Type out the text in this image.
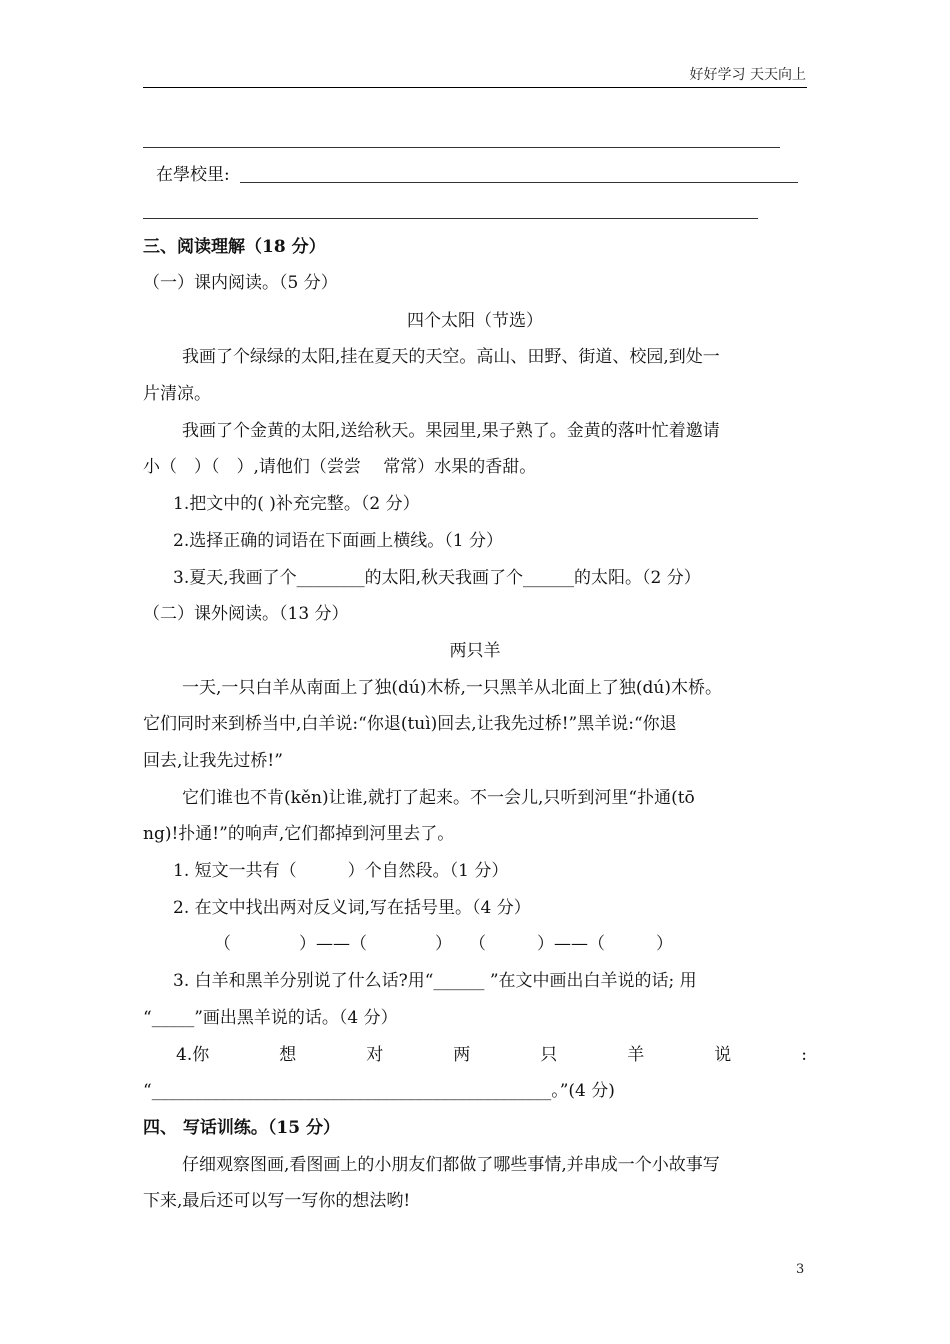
好好学习 天天向上
在學校里:
三、阅读理解（18 分）
（一）课内阅读。（5 分）
四个太阳（节选）
我画了个绿绿的太阳,挂在夏天的天空。高山、田野、街道、校园,到处一
片清凉。
我画了个金黄的太阳,送给秋天。果园里,果子熟了。金黄的落叶忙着邀请
小（　）（　）,请他们（尝尝　 常常）水果的香甜。
1.把文中的( )补充完整。（2 分）
2.选择正确的词语在下面画上横线。（1 分）
3.夏天,我画了个________的太阳,秋天我画了个______的太阳。（2 分）
（二）课外阅读。（13 分）
两只羊
一天,一只白羊从南面上了独(dú)木桥,一只黑羊从北面上了独(dú)木桥。
它们同时来到桥当中,白羊说:“你退(tuì)回去,让我先过桥!”黑羊说:“你退
回去,让我先过桥!”
它们谁也不肯(kěn)让谁,就打了起来。不一会儿,只听到河里“扑通(tō
ng)!扑通!”的响声,它们都掉到河里去了。
1. 短文一共有（　　　）个自然段。（1 分）
2. 在文中找出两对反义词,写在括号里。（4 分）
（　　　　）——（　　　　）　　（　　　）——（　　　）
3. 白羊和黑羊分别说了什么话?用“______ ”在文中画出白羊说的话; 用
“_____”画出黑羊说的话。（4 分）
4.你	想	对	两	只	羊	说	:
“_______________________________________________。”(4 分)
四、 写话训练。（15 分）
仔细观察图画,看图画上的小朋友们都做了哪些事情,并串成一个小故事写
下来,最后还可以写一写你的想法哟!
3
